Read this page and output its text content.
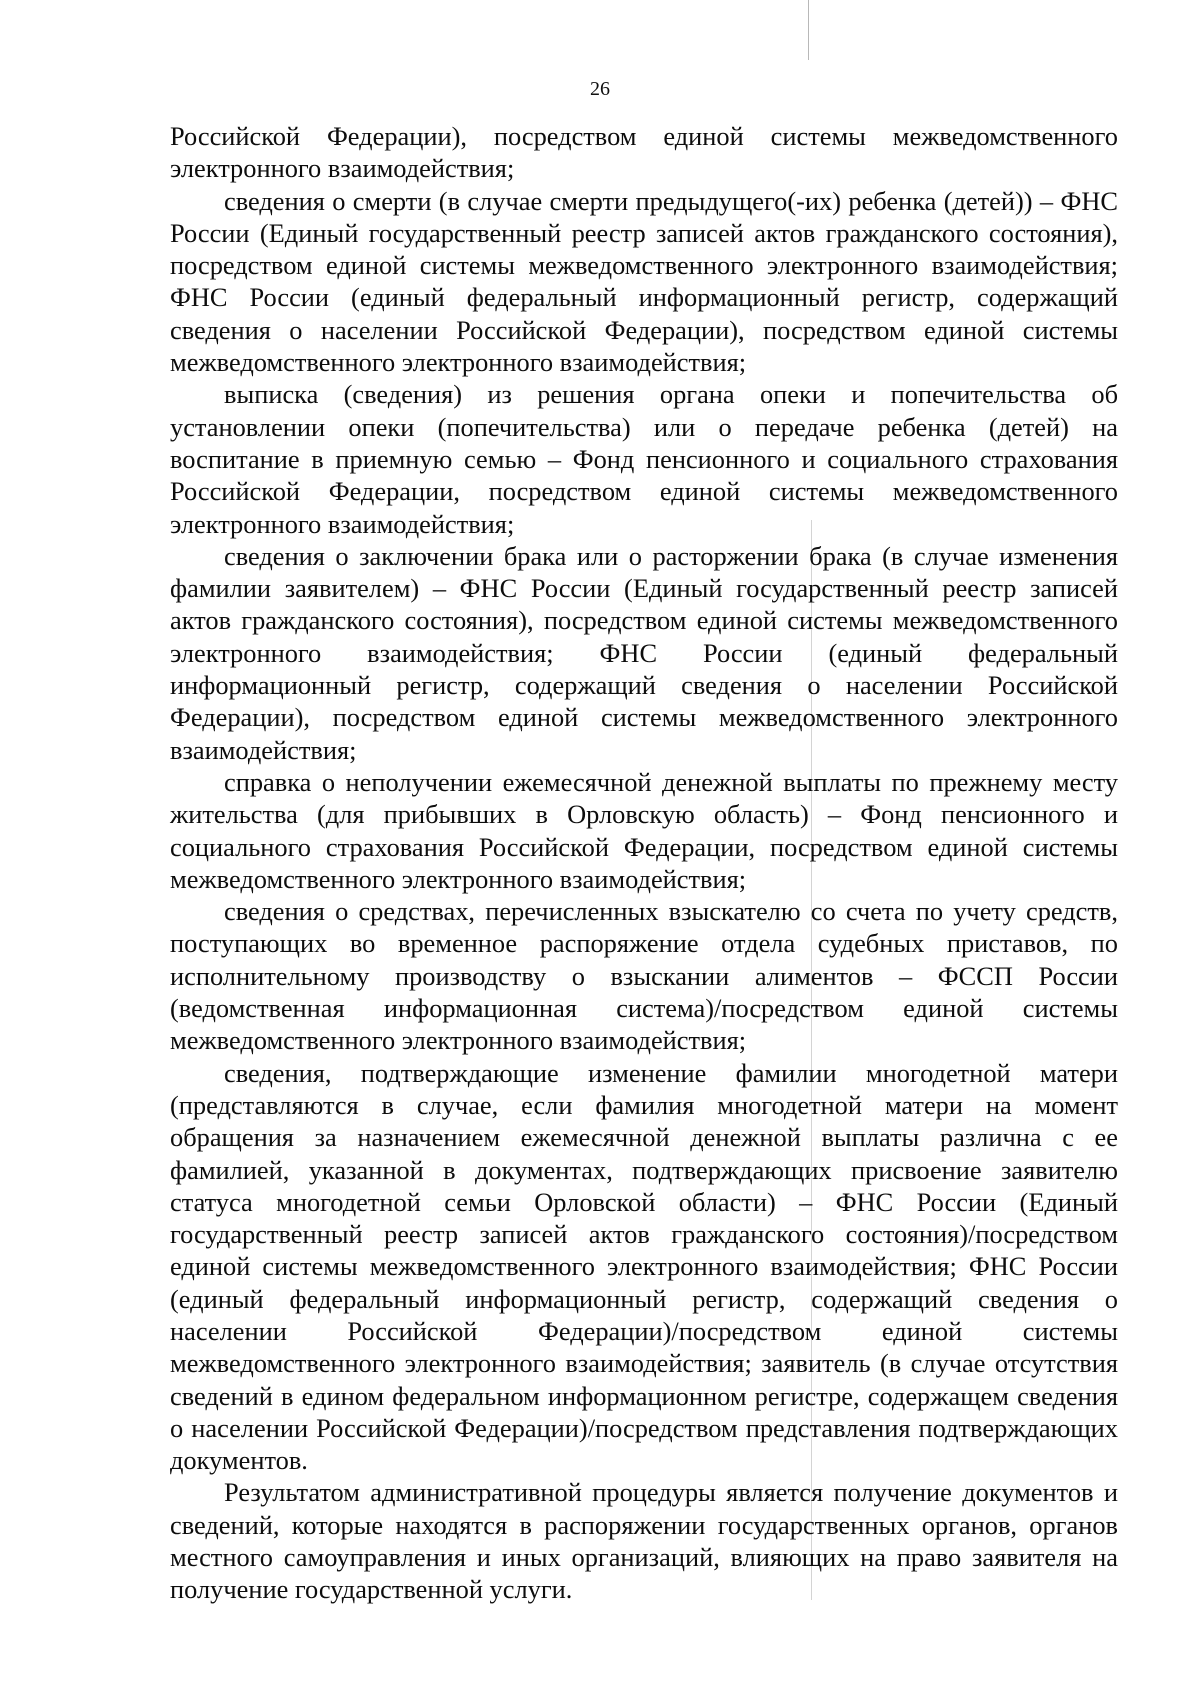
26

Российской Федерации), посредством единой системы межведомственного электронного взаимодействия;

сведения о смерти (в случае смерти предыдущего(-их) ребенка (детей)) – ФНС России (Единый государственный реестр записей актов гражданского состояния), посредством единой системы межведомственного электронного взаимодействия; ФНС России (единый федеральный информационный регистр, содержащий сведения о населении Российской Федерации), посредством единой системы межведомственного электронного взаимодействия;

выписка (сведения) из решения органа опеки и попечительства об установлении опеки (попечительства) или о передаче ребенка (детей) на воспитание в приемную семью – Фонд пенсионного и социального страхования Российской Федерации, посредством единой системы межведомственного электронного взаимодействия;

сведения о заключении брака или о расторжении брака (в случае изменения фамилии заявителем) – ФНС России (Единый государственный реестр записей актов гражданского состояния), посредством единой системы межведомственного электронного взаимодействия; ФНС России (единый федеральный информационный регистр, содержащий сведения о населении Российской Федерации), посредством единой системы межведомственного электронного взаимодействия;

справка о неполучении ежемесячной денежной выплаты по прежнему месту жительства (для прибывших в Орловскую область) – Фонд пенсионного и социального страхования Российской Федерации, посредством единой системы межведомственного электронного взаимодействия;

сведения о средствах, перечисленных взыскателю со счета по учету средств, поступающих во временное распоряжение отдела судебных приставов, по исполнительному производству о взыскании алиментов – ФССП России (ведомственная информационная система)/посредством единой системы межведомственного электронного взаимодействия;

сведения, подтверждающие изменение фамилии многодетной матери (представляются в случае, если фамилия многодетной матери на момент обращения за назначением ежемесячной денежной выплаты различна с ее фамилией, указанной в документах, подтверждающих присвоение заявителю статуса многодетной семьи Орловской области) – ФНС России (Единый государственный реестр записей актов гражданского состояния)/посредством единой системы межведомственного электронного взаимодействия; ФНС России (единый федеральный информационный регистр, содержащий сведения о населении Российской Федерации)/посредством единой системы межведомственного электронного взаимодействия; заявитель (в случае отсутствия сведений в едином федеральном информационном регистре, содержащем сведения о населении Российской Федерации)/посредством представления подтверждающих документов.

Результатом административной процедуры является получение документов и сведений, которые находятся в распоряжении государственных органов, органов местного самоуправления и иных организаций, влияющих на право заявителя на получение государственной услуги.
